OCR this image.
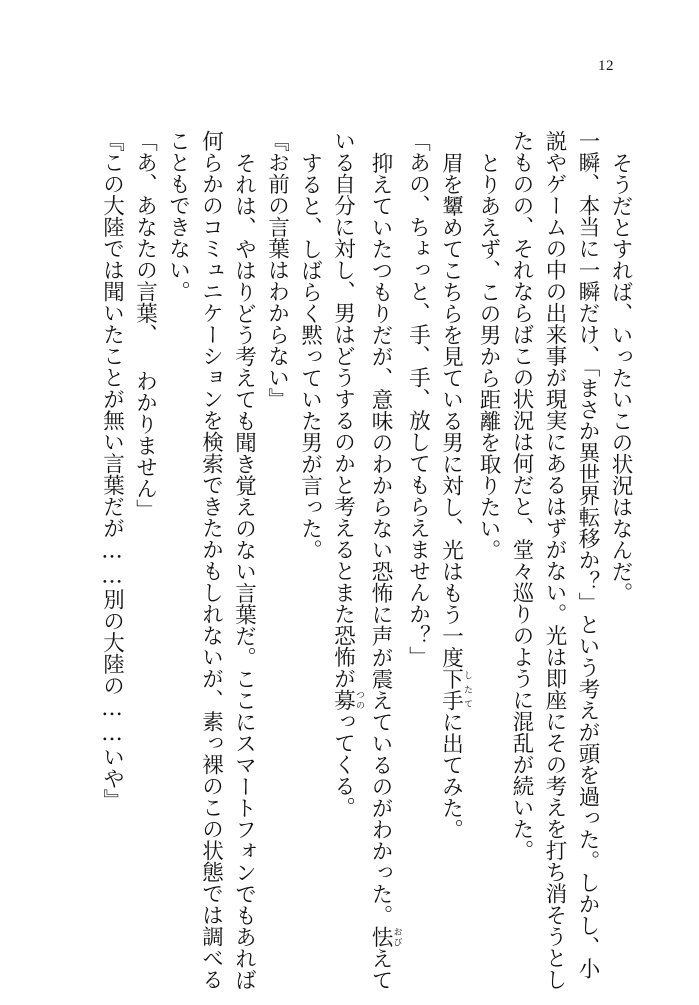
12
そうだとすれば、いったいこの状況はなんだ。
一瞬、本当に一瞬だけ、「まさか異世界転移か？」という考えが頭を過った。しかし、小
説やゲームの中の出来事が現実にあるはずがない。光は即座にその考えを打ち消そうとし
たものの、それならばこの状況は何だと、堂々巡りのように混乱が続いた。
とりあえず、この男から距離を取りたい。
眉を顰めてこちらを見ている男に対し、光はもう一度下手したてに出てみた。
「あの、ちょっと、手、手、放してもらえませんか？」
抑えていたつもりだが、意味のわからない恐怖に声が震えているのがわかった。怯おびえて
いる自分に対し、男はどうするのかと考えるとまた恐怖が募つのってくる。
すると、しばらく黙っていた男が言った。
『お前の言葉はわからない』
それは、やはりどう考えても聞き覚えのない言葉だ。ここにスマートフォンでもあれば
何らかのコミュニケーションを検索できたかもしれないが、素っ裸のこの状態では調べる
こともできない。
「あ、あなたの言葉、 わかりません」
『この大陸では聞いたことが無い言葉だが……別の大陸の……いや』
